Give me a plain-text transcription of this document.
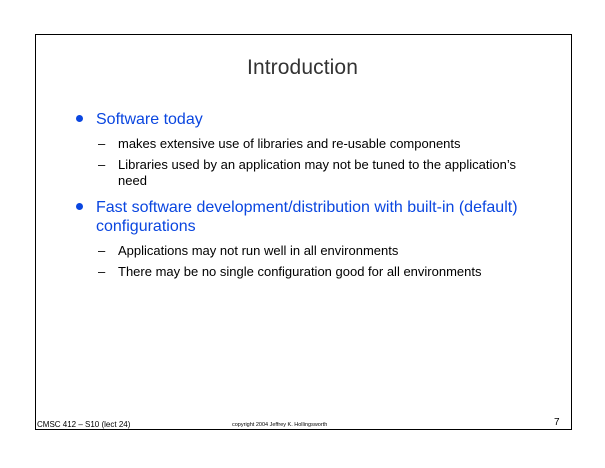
Introduction
Software today
– makes extensive use of libraries and re-usable components
– Libraries used by an application may not be tuned to the application’s need
Fast software development/distribution with built-in (default) configurations
– Applications may not run well in all environments
– There may be no single configuration good for all environments
CMSC 412 – S10 (lect 24)	copyright 2004 Jeffrey K. Hollingsworth	7
